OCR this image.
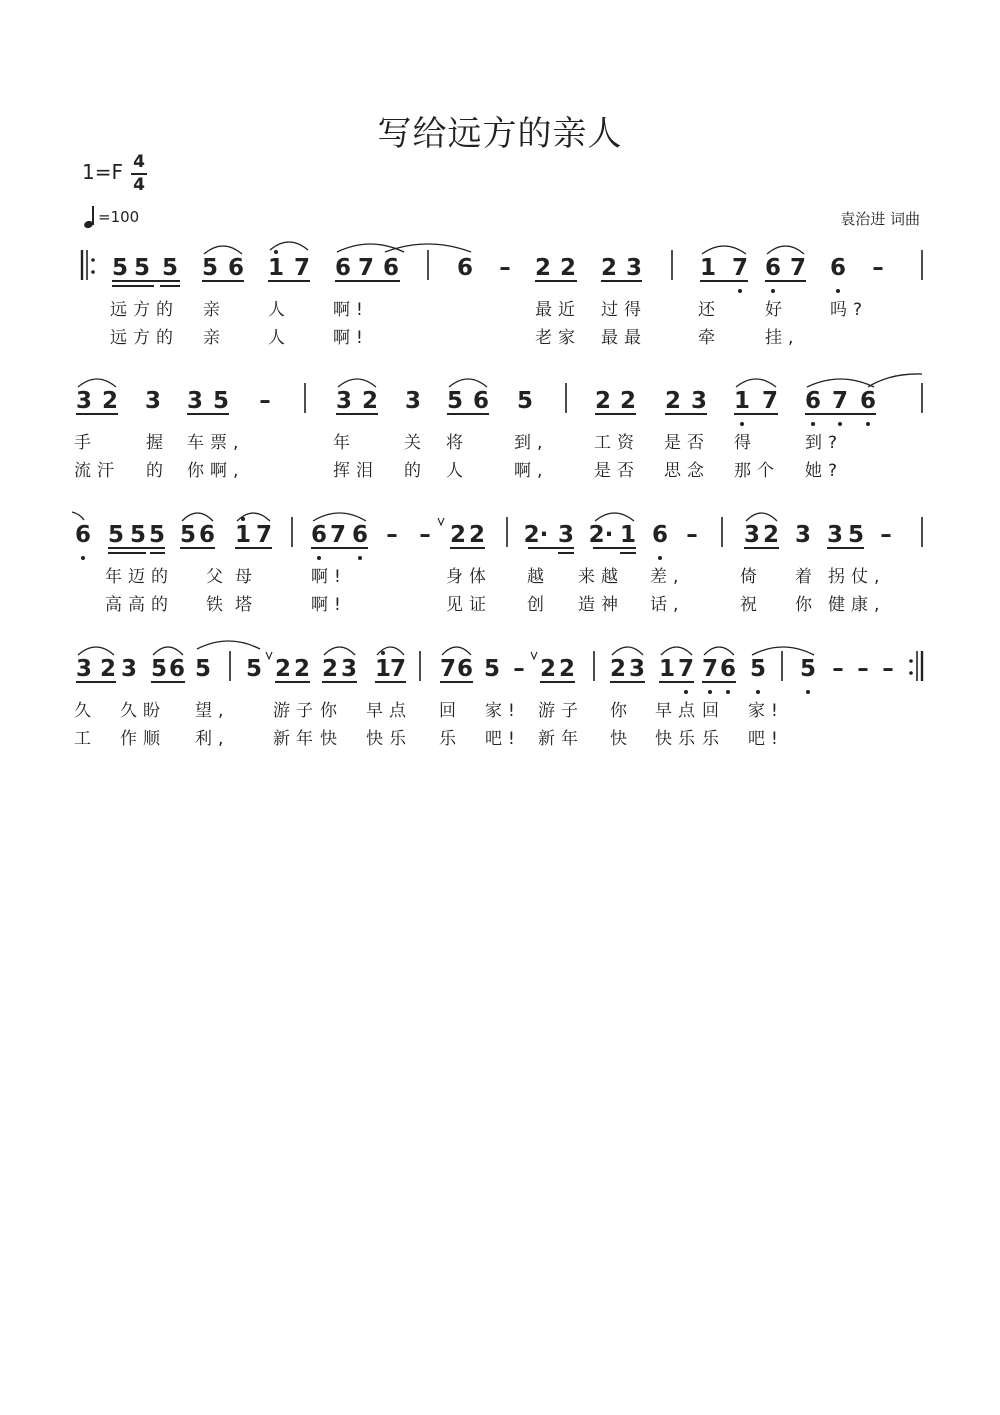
写给远方的亲人
1=F 4
4
=100	袁治进 词曲
5 5 5 5 6 1 7 6 7 6	6 – 2 2 2 3	1 7 6 7 6 –
3 2 3 3 5 –	3 2 3 5 6 5	2 2 2 3 1 7 6 7 6
6 5 5 5 5 6 1 7 6 7 6 – – 2 2 2· 3 2· 1 6 – 3 2 3 3 5 –
3 2 3 5 6 5 5 2 2 2 3 1
7 7 6 5 – 2 2 2 3 1 7 7 6 5 5 – – –
远方的 亲	人	啊!	最近 过得	还	好	吗?
远方的 亲	人	啊!	老家 最最	牵	挂,
手	握 车票,	年	关 将	到,	工资 是否 得	到?
流汗 的 你啊,	挥泪 的 人	啊,	是否 思念 那个 她?
年迈的 父 母	啊!	身体 越 来越 差,	倚 着 拐仗,
高高的 铁 塔	啊!	见证 创 造神 话,	祝 你 健康,
久 久盼 望,	游子 你 早点 回 家! 游子 你 早点 回 家!
工 作顺 利,	新年 快 快乐 乐 吧! 新年 快 快乐 乐 吧!
